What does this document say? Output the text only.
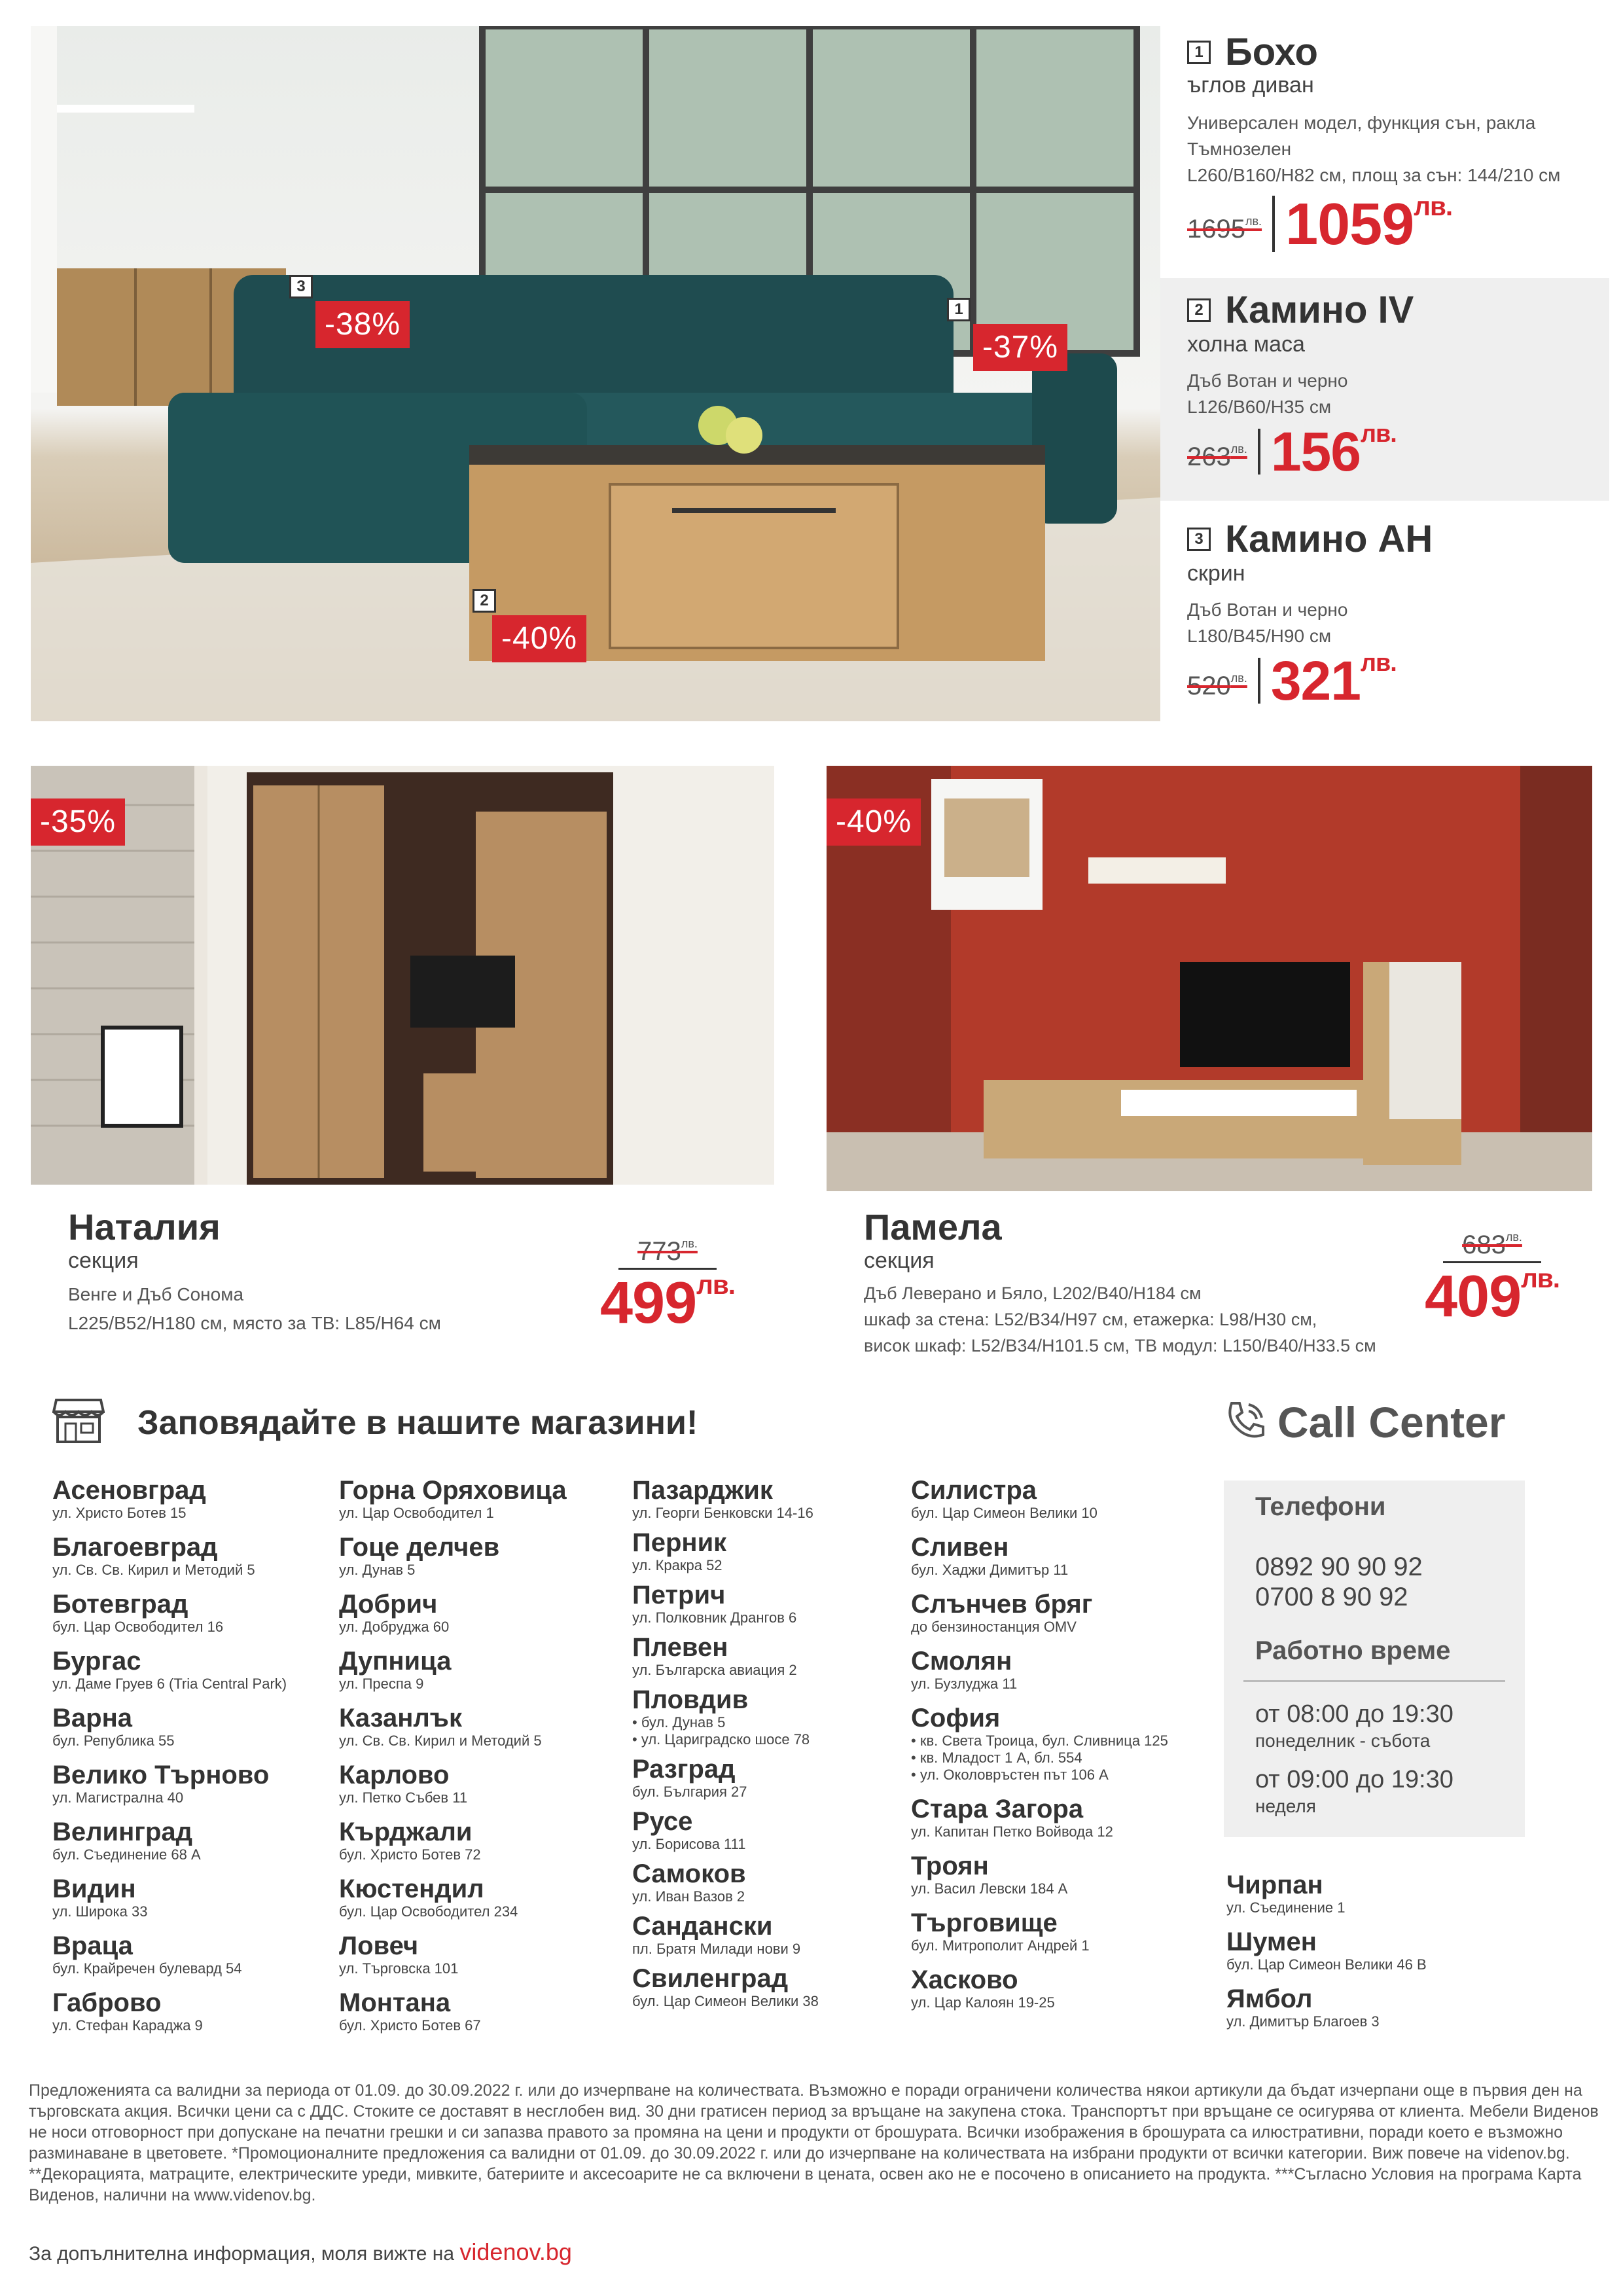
1
-37%
2
-40%
3
-38%
1 Бохо
ъглов диван
Универсален модел, функция сън, ракла
Тъмнозелен
L260/B160/H82 см, площ за сън: 144/210 см
$1695^{лв.}$ $1059^{лв.}$
2 Камино IV
холна маса
Дъб Вотан и черно
L126/B60/H35 см
$263^{лв.}$ $156^{лв.}$
3 Камино АН
скрин
Дъб Вотан и черно
L180/B45/H90 см
$520^{лв.}$ $321^{лв.}$
-35%
Наталия
секция
Венге и Дъб Сонома
L225/B52/H180 см, място за ТВ: L85/H64 см
$773^{лв.}$
$499^{лв.}$
-40%
Памела
секция
Дъб Леверано и Бяло, L202/B40/H184 см
шкаф за стена: L52/B34/H97 см, етажерка: L98/H30 см,
висок шкаф: L52/B34/H101.5 см, ТВ модул: L150/B40/H33.5 см
$683^{лв.}$
$409^{лв.}$
Заповядайте в нашите магазини!	Call Center
Телефони
0892 90 90 92
0700 8 90 92
Работно време
от 08:00 до 19:30
понеделник - събота
от 09:00 до 19:30
неделя
Асеновград
ул. Христо Ботев 15
Благоевград
ул. Св. Св. Кирил и Методий 5
Ботевград
бул. Цар Освободител 16
Бургас
ул. Даме Груев 6 (Tria Central Park)
Варна
бул. Република 55
Велико Търново
ул. Магистрална 40
Велинград
бул. Съединение 68 А
Видин
ул. Широка 33
Враца
бул. Крайречен булевард 54
Габрово
ул. Стефан Караджа 9
Горна Оряховица
ул. Цар Освободител 1
Гоце делчев
ул. Дунав 5
Добрич
ул. Добруджа 60
Дупница
ул. Преспа 9
Казанлък
ул. Св. Св. Кирил и Методий 5
Карлово
ул. Петко Събев 11
Кърджали
бул. Христо Ботев 72
Кюстендил
бул. Цар Освободител 234
Ловеч
ул. Търговска 101
Монтана
бул. Христо Ботев 67
Пазарджик
ул. Георги Бенковски 14-16
Перник
ул. Кракра 52
Петрич
ул. Полковник Дрангов 6
Плевен
ул. Българска авиация 2
Пловдив
• бул. Дунав 5
• ул. Цариградско шосе 78
Разград
бул. България 27
Русе
ул. Борисова 111
Самоков
ул. Иван Вазов 2
Сандански
пл. Братя Милади нови 9
Свиленград
бул. Цар Симеон Велики 38
Силистра
бул. Цар Симеон Велики 10
Сливен
бул. Хаджи Димитър 11
Слънчев бряг
до бензиностанция OMV
Смолян
ул. Бузлуджа 11
София
• кв. Света Троица, бул. Сливница 125
• кв. Младост 1 А, бл. 554
• ул. Околовръстен път 106 А
Стара Загора
ул. Капитан Петко Войвода 12
Троян
ул. Васил Левски 184 А
Търговище
бул. Митрополит Андрей 1
Хасково
ул. Цар Калоян 19-25
Чирпан
ул. Съединение 1
Шумен
бул. Цар Симеон Велики 46 В
Ямбол
ул. Димитър Благоев 3
Предложенията са валидни за периода от 01.09. до 30.09.2022 г. или до изчерпване на количествата. Възможно е поради ограничени количества някои артикули да бъдат изчерпани още в първия ден на търговската акция. Всички цени са с ДДС. Стоките се доставят в неcглобен вид. 30 дни гратисен период за връщане на закупена стока. Транспортът при връщане се осигурява от клиента. Мебели Виденов не носи отговорност при допускане на печатни грешки и си запазва правото за промяна на цени и продукти от брошурата. Всички изображения в брошурата са илюстративни, поради което е възможно разминаване в цветовете. *Промоционалните предложения са валидни от 01.09. до 30.09.2022 г. или до изчерпване на количествата на избрани продукти от всички категории. Виж повече на videnov.bg. **Декорацията, матраците, електрическите уреди, мивките, батериите и аксесоарите не са включени в цената, освен ако не е посочено в описанието на продукта. ***Съгласно Условия на програма Карта Виденов, налични на www.videnov.bg.
За допълнителна информация, моля вижте на videnov.bg
